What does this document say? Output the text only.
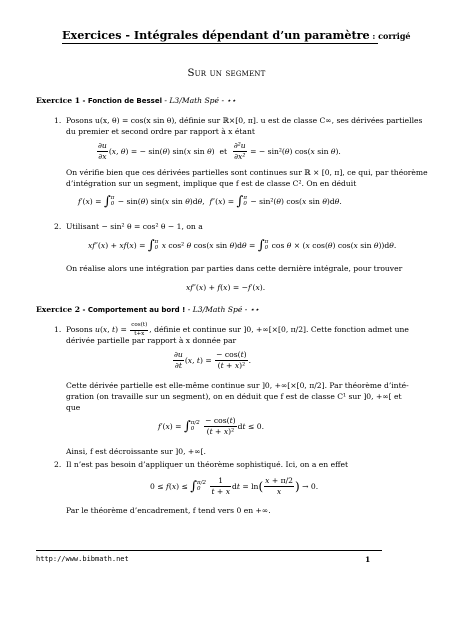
Exercices - Intégrales dépendant d’un paramètre : corrigé
Sur un segment
Exercice 1 - Fonction de Bessel - L3/Math Spé - ⋆⋆
1. Posons u(x, θ) = cos(x sin θ), définie sur ℝ×[0, π]. u est de classe C∞, ses dérivées partielles
du premier et second ordre par rapport à x étant
$\frac{\partial u}{\partial x} (x$, θ) = − sin(θ) sin(x sin θ)  et $\frac{\text{∂²u}}{\text{∂x²}}$ = − sin²(θ) cos(x sin θ).
On vérifie bien que ces dérivées partielles sont continues sur ℝ × [0, π], ce qui, par théorème
d’intégration sur un segment, implique que f est de classe C². On en déduit
f′(x) = ∫ π
0 − sin(θ) sin(x sin θ)dθ,  f″(x) = ∫ π
0 − sin²(θ) cos(x sin θ)dθ.
2. Utilisant − sin² θ = cos² θ − 1, on a
xf″(x) + xf(x) = ∫ π
0 x cos² θ cos(x sin θ)dθ = ∫ π
0 cos θ × (x cos(θ) cos(x sin θ))dθ.
On réalise alors une intégration par parties dans cette dernière intégrale, pour trouver
xf″(x) + f(x) = −f′(x).
Exercice 2 - Comportement au bord ! - L3/Math Spé - ⋆⋆
1. Posons u(x, $t) = \frac{\cos(t)}{t+x}$ , définie et continue sur ]0, +∞[×[0, π/2]. Cette fonction admet une
dérivée partielle par rapport à x donnée par
$\frac{\partial u}{\partial t} (x$, $t) = \frac{- \cos(t)}{\text{(t + x)²}}$ .
Cette dérivée partielle est elle-même continue sur ]0, +∞[×[0, π/2]. Par théorème d’inté-
gration (on travaille sur un segment), on en déduit que f est de classe C¹ sur ]0, +∞[ et
que
f′(x) = ∫ π/2
0
	$\frac{- \cos(t)}{\text{(t + x)²}}$ dt ≤ 0.
Ainsi, f est décroissante sur ]0, +∞[.
2. Il n’est pas besoin d’appliquer un théorème sophistiqué. Ici, on a en effet
0 ≤ f(x) ≤ ∫ π/2
0
	$\frac{1}{t + x}$ dt = $\ln( \frac{x + \pi/2}{x}$ ) → 0.
Par le théorème d’encadrement, f tend vers 0 en +∞.
http://www.bibmath.net	1
